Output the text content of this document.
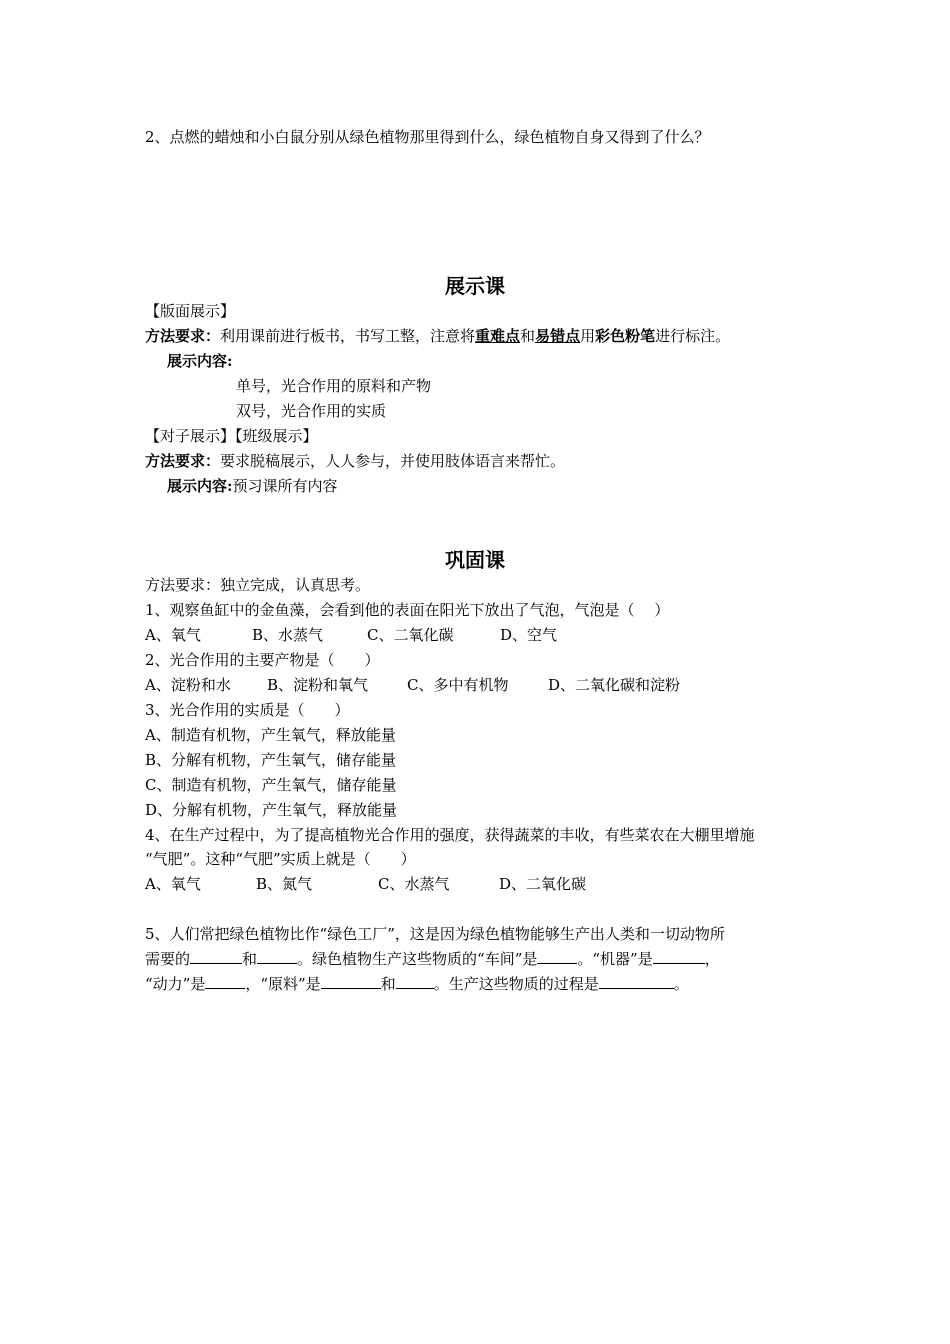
2、点燃的蜡烛和小白鼠分别从绿色植物那里得到什么，绿色植物自身又得到了什么？
展示课
【版面展示】
方法要求：利用课前进行板书，书写工整，注意将重难点和易错点用彩色粉笔进行标注。
展示内容:
单号，光合作用的原料和产物
双号，光合作用的实质
【对子展示】【班级展示】
方法要求：要求脱稿展示，人人参与，并使用肢体语言来帮忙。
展示内容:预习课所有内容
巩固课
方法要求：独立完成，认真思考。
1、观察鱼缸中的金鱼藻，会看到他的表面在阳光下放出了气泡，气泡是（　 ）
A、氧气	B、水蒸气	C、二氧化碳	D、空气
2、光合作用的主要产物是（　　）
A、淀粉和水 B、淀粉和氧气	C、多中有机物	D、二氧化碳和淀粉
3、光合作用的实质是（　　）
A、制造有机物，产生氧气，释放能量
B、分解有机物，产生氧气，储存能量
C、制造有机物，产生氧气，储存能量
D、分解有机物，产生氧气，释放能量
4、在生产过程中，为了提高植物光合作用的强度，获得蔬菜的丰收，有些菜农在大棚里增施
“气肥”。这种“气肥”实质上就是（　　）
A、氧气	B、氮气	C、水蒸气	D、二氧化碳
5、人们常把绿色植物比作“绿色工厂”，这是因为绿色植物能够生产出人类和一切动物所
需要的	和	。绿色植物生产这些物质的“车间”是	。“机器”是	，
“动力”是	，“原料”是	和	。生产这些物质的过程是	。
